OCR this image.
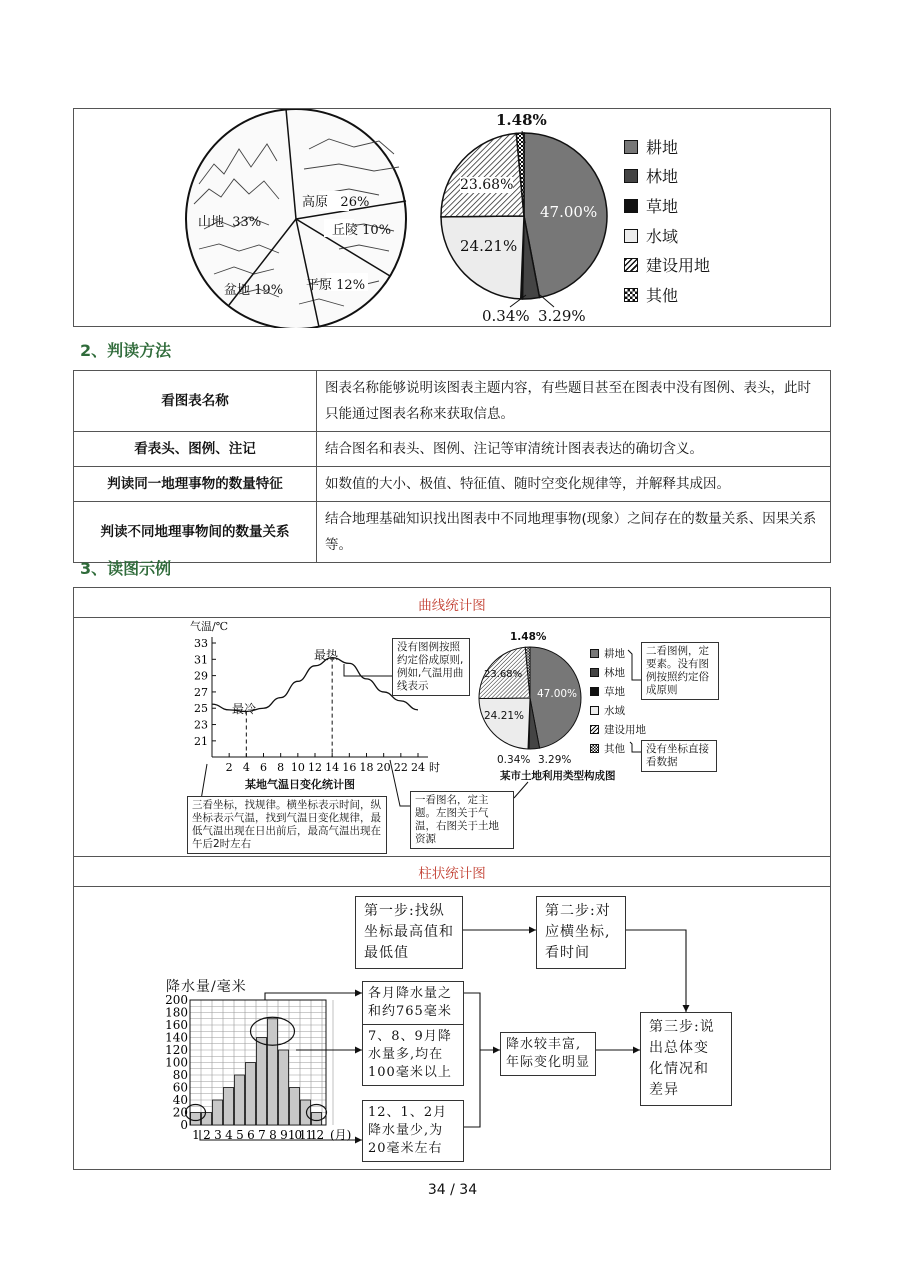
高原 26%
丘陵 10%
平原 12%
盆地 19%
山地 33%
1.48%
23.68%
47.00%
24.21%
0.34% 3.29%
耕地
林地
草地
水域
建设用地
其他
2、判读方法
看图表名称	图表名称能够说明该图表主题内容，有些题目甚至在图表中没有图例、表头，此时只能通过图表名称来获取信息。
看表头、图例、注记	结合图名和表头、图例、注记等审清统计图表表达的确切含义。
判读同一地理事物的数量特征	如数值的大小、极值、特征值、随时空变化规律等，并解释其成因。
判读不同地理事物间的数量关系	结合地理基础知识找出图表中不同地理事物(现象）之间存在的数量关系、因果关系等。
3、读图示例
曲线统计图
柱状统计图
33
31
29
27
25
23
21
2 4 6 8 10 12 14 16 18 20 22 24 时
气温/℃
最冷
最热
某地气温日变化统计图
1.48%
23.68%
47.00%
24.21%
0.34% 3.29%
某市土地利用类型构成图
耕地
林地
草地
水域
建设用地
其他
没有图例按照约定俗成原则,例如,气温用曲线表示
二看图例，定要素。没有图例按照约定俗成原则
没有坐标直接看数据
三看坐标，找规律。横坐标表示时间，纵坐标表示气温，找到气温日变化规律，最低气温出现在日出前后，最高气温出现在午后2时左右
一看图名，定主题。左图关于气温，右图关于土地资源
200
180
160
140
120
100
80
60
40
20
0
1 2 3 4 5 6 7 8 9 10
11
12 (月)
降水量/毫米
第一步:找纵坐标最高值和最低值
第二步:对应横坐标,看时间
第三步:说出总体变化情况和差异
各月降水量之和约765毫米
7、8、9月降水量多,均在100毫米以上
12、1、2月降水量少,为20毫米左右
降水较丰富,年际变化明显
34 / 34
